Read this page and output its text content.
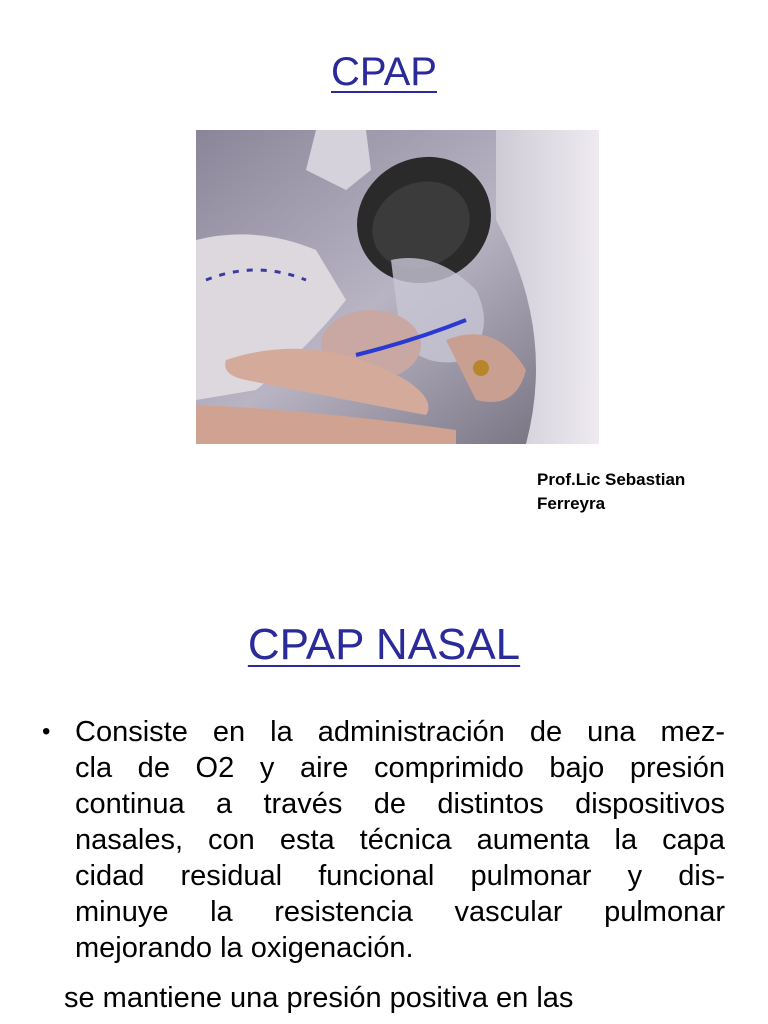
CPAP
Prof.Lic Sebastian
Ferreyra
CPAP NASAL
• Consiste en la administración de una mez-
cla de O2 y aire comprimido bajo presión
continua a través de distintos dispositivos
nasales, con esta técnica aumenta la capa
cidad residual funcional pulmonar y dis-
minuye la resistencia vascular pulmonar
mejorando la oxigenación.
se mantiene una presión positiva en las
